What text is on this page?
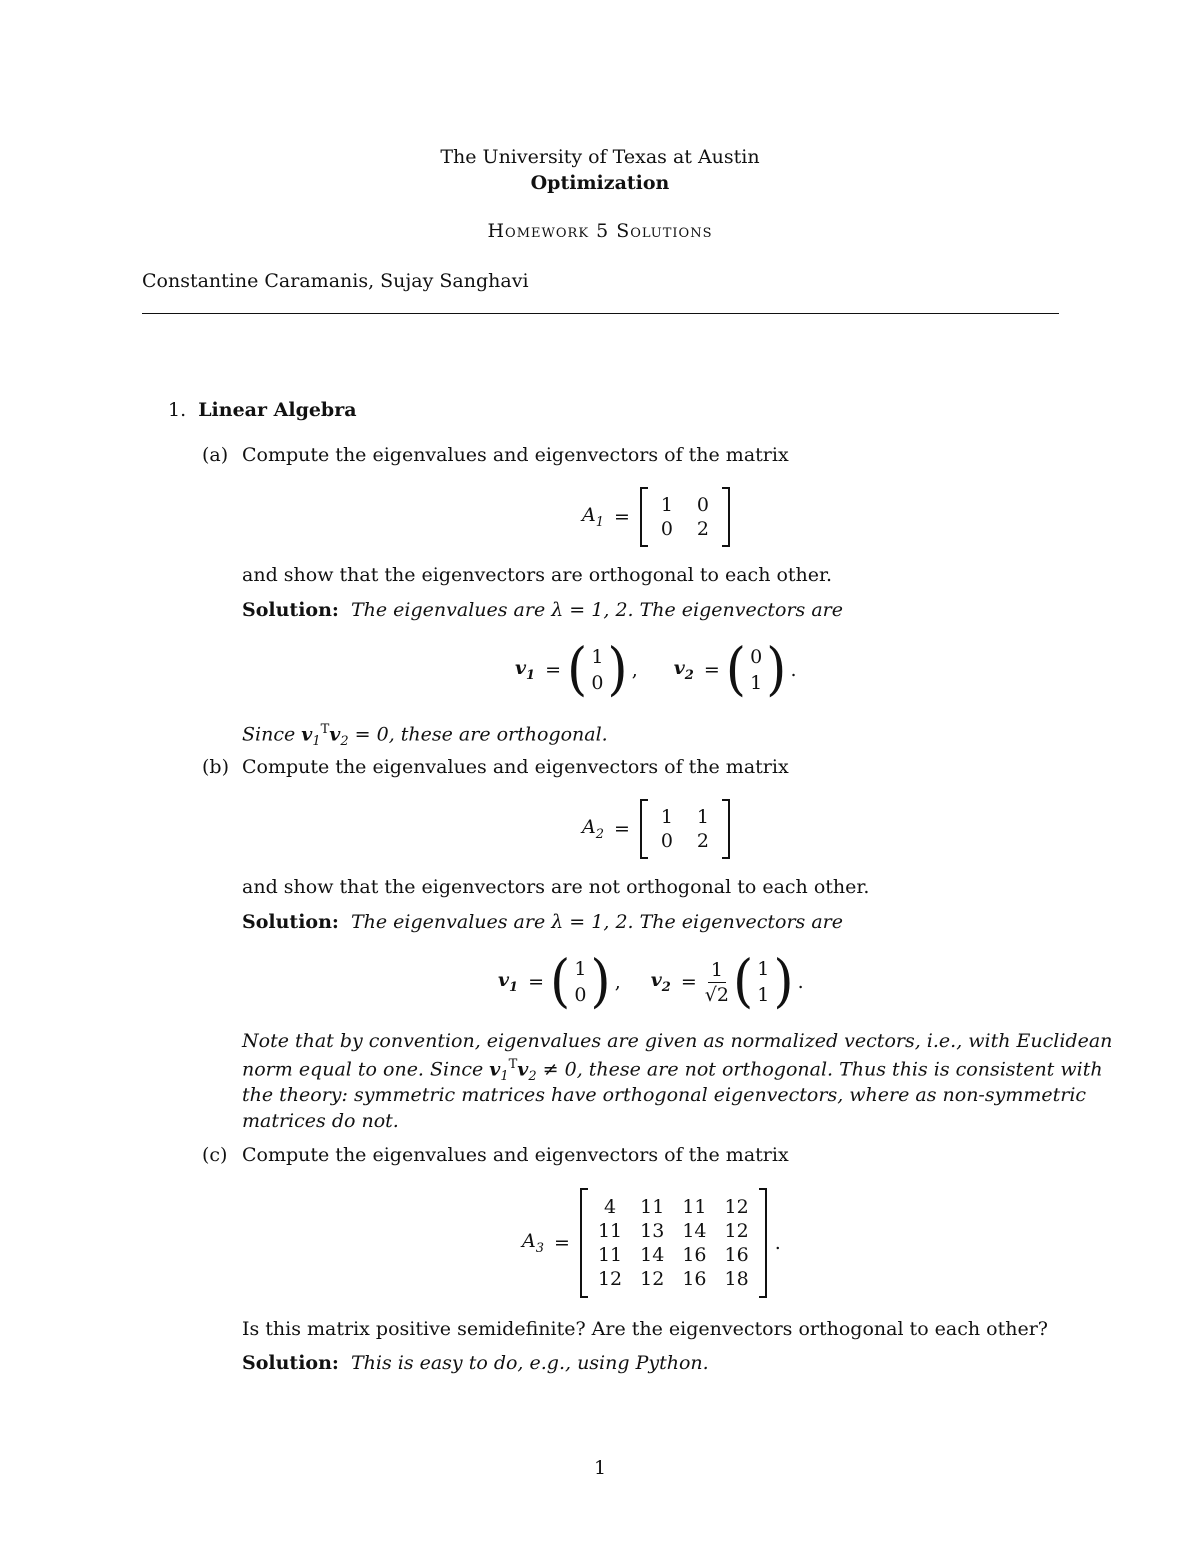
The University of Texas at Austin
Optimization
Homework 5 Solutions
Constantine Caramanis, Sujay Sanghavi
1. Linear Algebra
(a) Compute the eigenvalues and eigenvectors of the matrix
$A_1$ =
1 0
0 2
and show that the eigenvectors are orthogonal to each other.
Solution: The eigenvalues are λ = 1, 2. The eigenvectors are
$v_1$ = ( 1
0 ) , $v_2$ = ( 0
1 ) .
Since $v_1^Tv_2 = 0$, these are orthogonal.
(b) Compute the eigenvalues and eigenvectors of the matrix
$A_2$ =
1 1
0 2
and show that the eigenvectors are not orthogonal to each other.
Solution: The eigenvalues are λ = 1, 2. The eigenvectors are
$v_1$ = ( 1
0 ) , $v_2 = \frac{1}{√2}$ ( 1
1 ) .
Note that by convention, eigenvalues are given as normalized vectors, i.e., with Euclidean
norm equal to one. Since $v_1^Tv_2 \ne 0$, these are not orthogonal. Thus this is consistent with
the theory: symmetric matrices have orthogonal eigenvectors, where as non-symmetric
matrices do not.
(c) Compute the eigenvalues and eigenvectors of the matrix
$A_3$ =
4	11 11 12
11 13 14 12
11 14 16 16
12 12 16 18
.
Is this matrix positive semidefinite? Are the eigenvectors orthogonal to each other?
Solution: This is easy to do, e.g., using Python.
1
